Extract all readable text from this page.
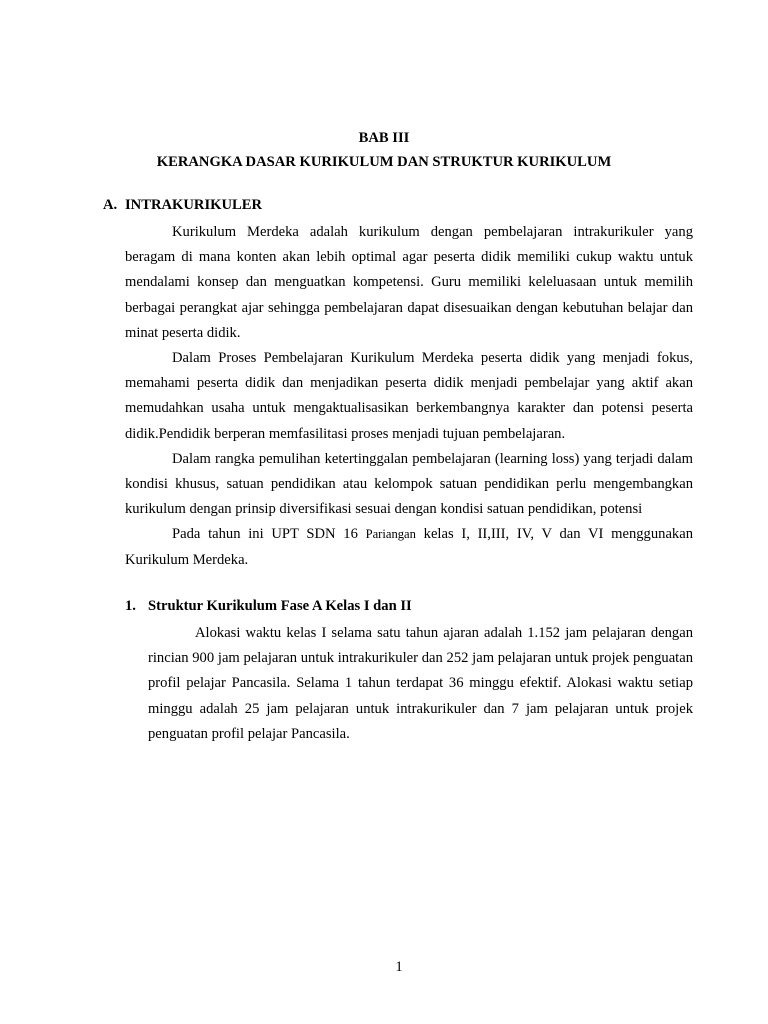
BAB III

KERANGKA DASAR KURIKULUM DAN STRUKTUR KURIKULUM

A. INTRAKURIKULER

Kurikulum Merdeka adalah kurikulum dengan pembelajaran intrakurikuler yang beragam di mana konten akan lebih optimal agar peserta didik memiliki cukup waktu untuk mendalami konsep dan menguatkan kompetensi. Guru memiliki keleluasaan untuk memilih berbagai perangkat ajar sehingga pembelajaran dapat disesuaikan dengan kebutuhan belajar dan minat peserta didik.

Dalam Proses Pembelajaran Kurikulum Merdeka peserta didik yang menjadi fokus, memahami peserta didik dan menjadikan peserta didik menjadi pembelajar yang aktif akan memudahkan usaha untuk mengaktualisasikan berkembangnya karakter dan potensi peserta didik.Pendidik berperan memfasilitasi proses menjadi tujuan pembelajaran.

Dalam rangka pemulihan ketertinggalan pembelajaran (learning loss) yang terjadi dalam kondisi khusus, satuan pendidikan atau kelompok satuan pendidikan perlu mengembangkan kurikulum dengan prinsip diversifikasi sesuai dengan kondisi satuan pendidikan, potensi

Pada tahun ini UPT SDN 16 Pariangan kelas I, II,III, IV, V dan VI menggunakan Kurikulum Merdeka.

1. Struktur Kurikulum Fase A Kelas I dan II

Alokasi waktu kelas I selama satu tahun ajaran adalah 1.152 jam pelajaran dengan rincian 900 jam pelajaran untuk intrakurikuler dan 252 jam pelajaran untuk projek penguatan profil pelajar Pancasila. Selama 1 tahun terdapat 36 minggu efektif. Alokasi waktu setiap minggu adalah 25 jam pelajaran untuk intrakurikuler dan 7 jam pelajaran untuk projek penguatan profil pelajar Pancasila.

1
